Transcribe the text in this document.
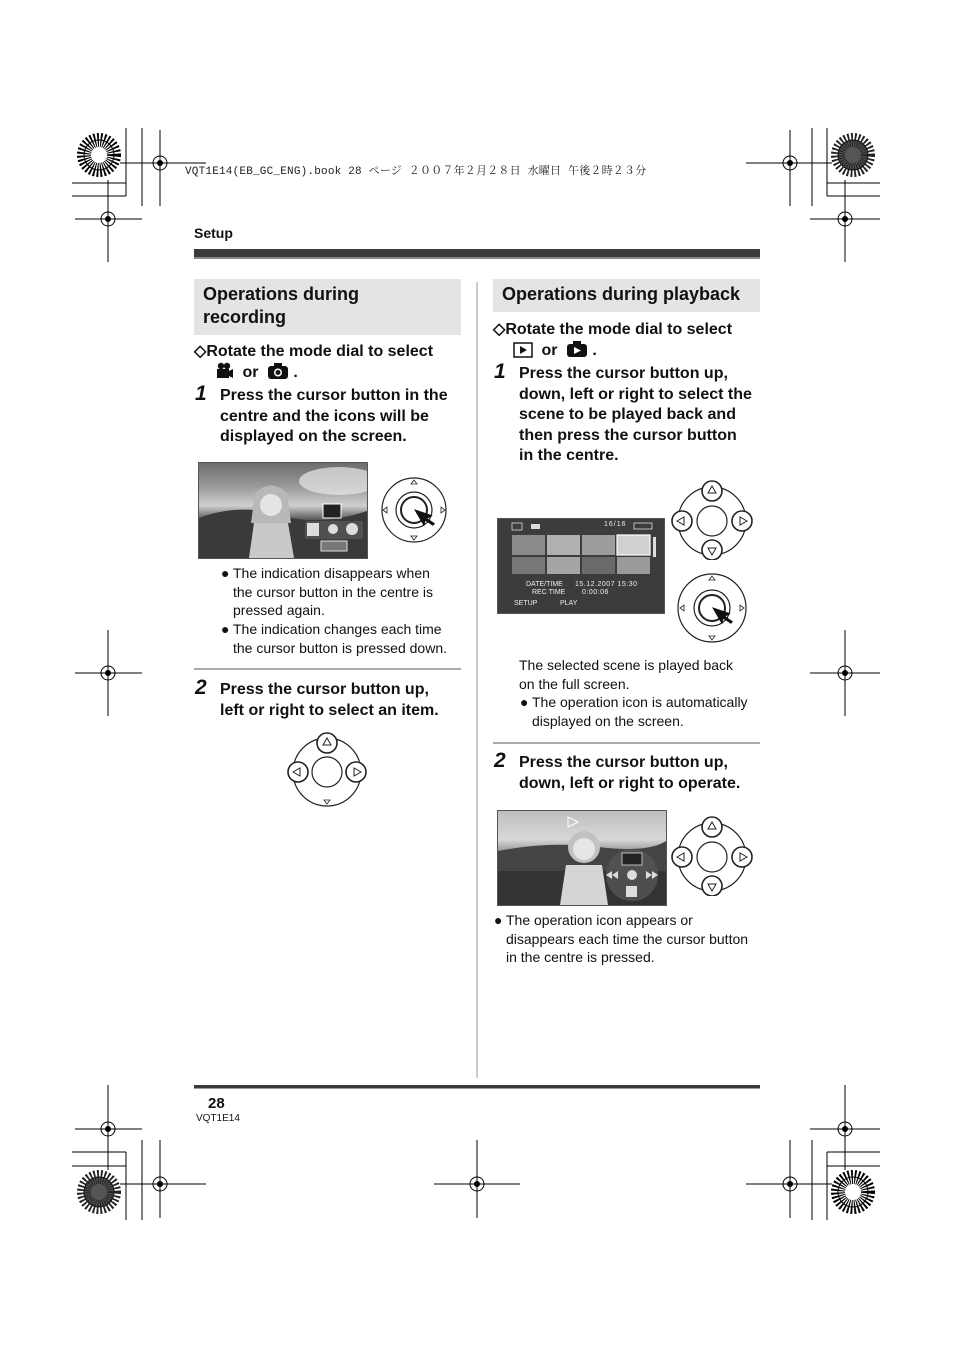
VQT1E14(EB_GC_ENG).book 28 ページ ２００７年２月２８日 水曜日 午後２時２３分
Setup
Operations during
recording
◇Rotate the mode dial to select
or .
1 Press the cursor button in the
centre and the icons will be
displayed on the screen.
● The indication disappears when
the cursor button in the centre is
pressed again.
● The indication changes each time
the cursor button is pressed down.
2 Press the cursor button up,
left or right to select an item.
Operations during playback
◇Rotate the mode dial to select
or .
1 Press the cursor button up,
down, left or right to select the
scene to be played back and
then press the cursor button
in the centre.
16/16
DATE/TIME 15.12.2007 15:30
REC TIME 0:00:06
SETUP	PLAY
The selected scene is played back
on the full screen.
● The operation icon is automatically
displayed on the screen.
2 Press the cursor button up,
down, left or right to operate.
● The operation icon appears or
disappears each time the cursor button
in the centre is pressed.
28
VQT1E14
